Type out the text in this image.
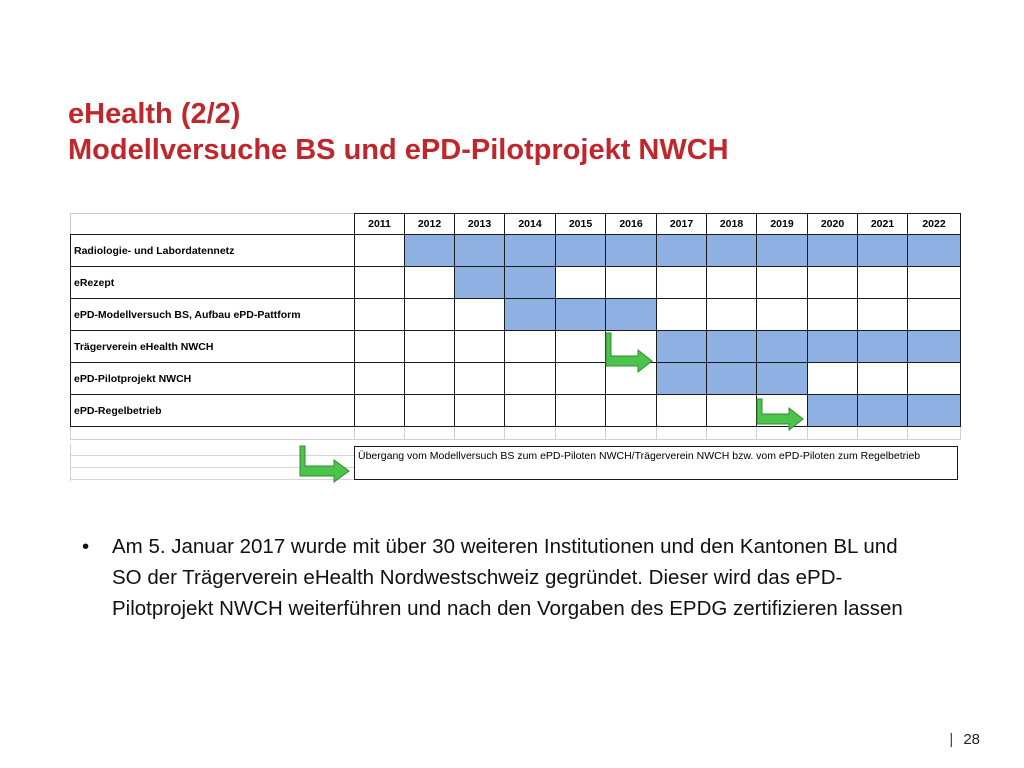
eHealth (2/2)
Modellversuche BS und ePD-Pilotprojekt NWCH
	2011	2012	2013	2014	2015	2016	2017	2018	2019	2020	2021	2022
Radiologie- und Labordatennetz												
eRezept												
ePD-Modellversuch BS, Aufbau ePD-Pattform												
Trägerverein eHealth NWCH												
ePD-Pilotprojekt NWCH												
ePD-Regelbetrieb												

Übergang vom Modellversuch BS zum ePD-Piloten NWCH/Trägerverein NWCH bzw. vom ePD-Piloten zum Regelbetrieb
• Am 5. Januar 2017 wurde mit über 30 weiteren Institutionen und den Kantonen BL und SO der Trägerverein eHealth Nordwestschweiz gegründet. Dieser wird das ePD-Pilotprojekt NWCH weiterführen und nach den Vorgaben des EPDG zertifizieren lassen
| 28
